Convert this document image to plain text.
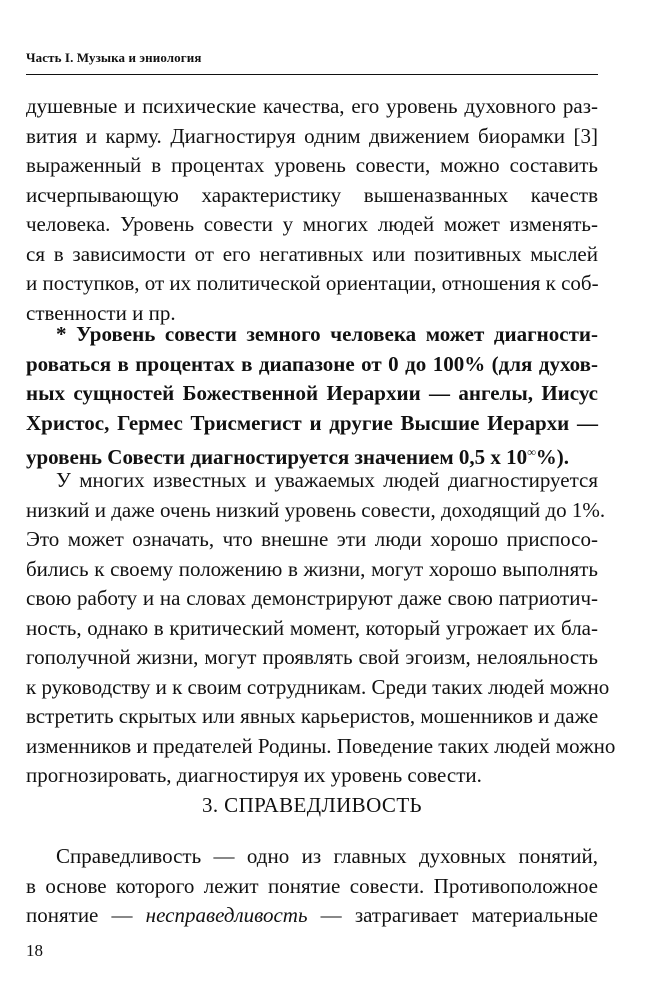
Часть I. Музыка и эниология
душевные и психические качества, его уровень духовного раз-
вития и карму. Диагностируя одним движением биорамки [3]
выраженный в процентах уровень совести, можно составить
исчерпывающую характеристику вышеназванных качеств
человека. Уровень совести у многих людей может изменять-
ся в зависимости от его негативных или позитивных мыслей
и поступков, от их политической ориентации, отношения к соб-
ственности и пр.
* Уровень совести земного человека может диагности-
роваться в процентах в диапазоне от 0 до 100% (для духов-
ных сущностей Божественной Иерархии — ангелы, Иисус
Христос, Гермес Трисмегист и другие Высшие Иерархи —
уровень Совести диагностируется значением 0,5 х 10∞%).
У многих известных и уважаемых людей диагностируется
низкий и даже очень низкий уровень совести, доходящий до 1%.
Это может означать, что внешне эти люди хорошо приспосо-
бились к своему положению в жизни, могут хорошо выполнять
свою работу и на словах демонстрируют даже свою патриотич-
ность, однако в критический момент, который угрожает их бла-
гополучной жизни, могут проявлять свой эгоизм, нелояльность
к руководству и к своим сотрудникам. Среди таких людей можно
встретить скрытых или явных карьеристов, мошенников и даже
изменников и предателей Родины. Поведение таких людей можно
прогнозировать, диагностируя их уровень совести.
3. СПРАВЕДЛИВОСТЬ
Справедливость — одно из главных духовных понятий,
в основе которого лежит понятие совести. Противоположное
понятие — несправедливость — затрагивает материальные
18
